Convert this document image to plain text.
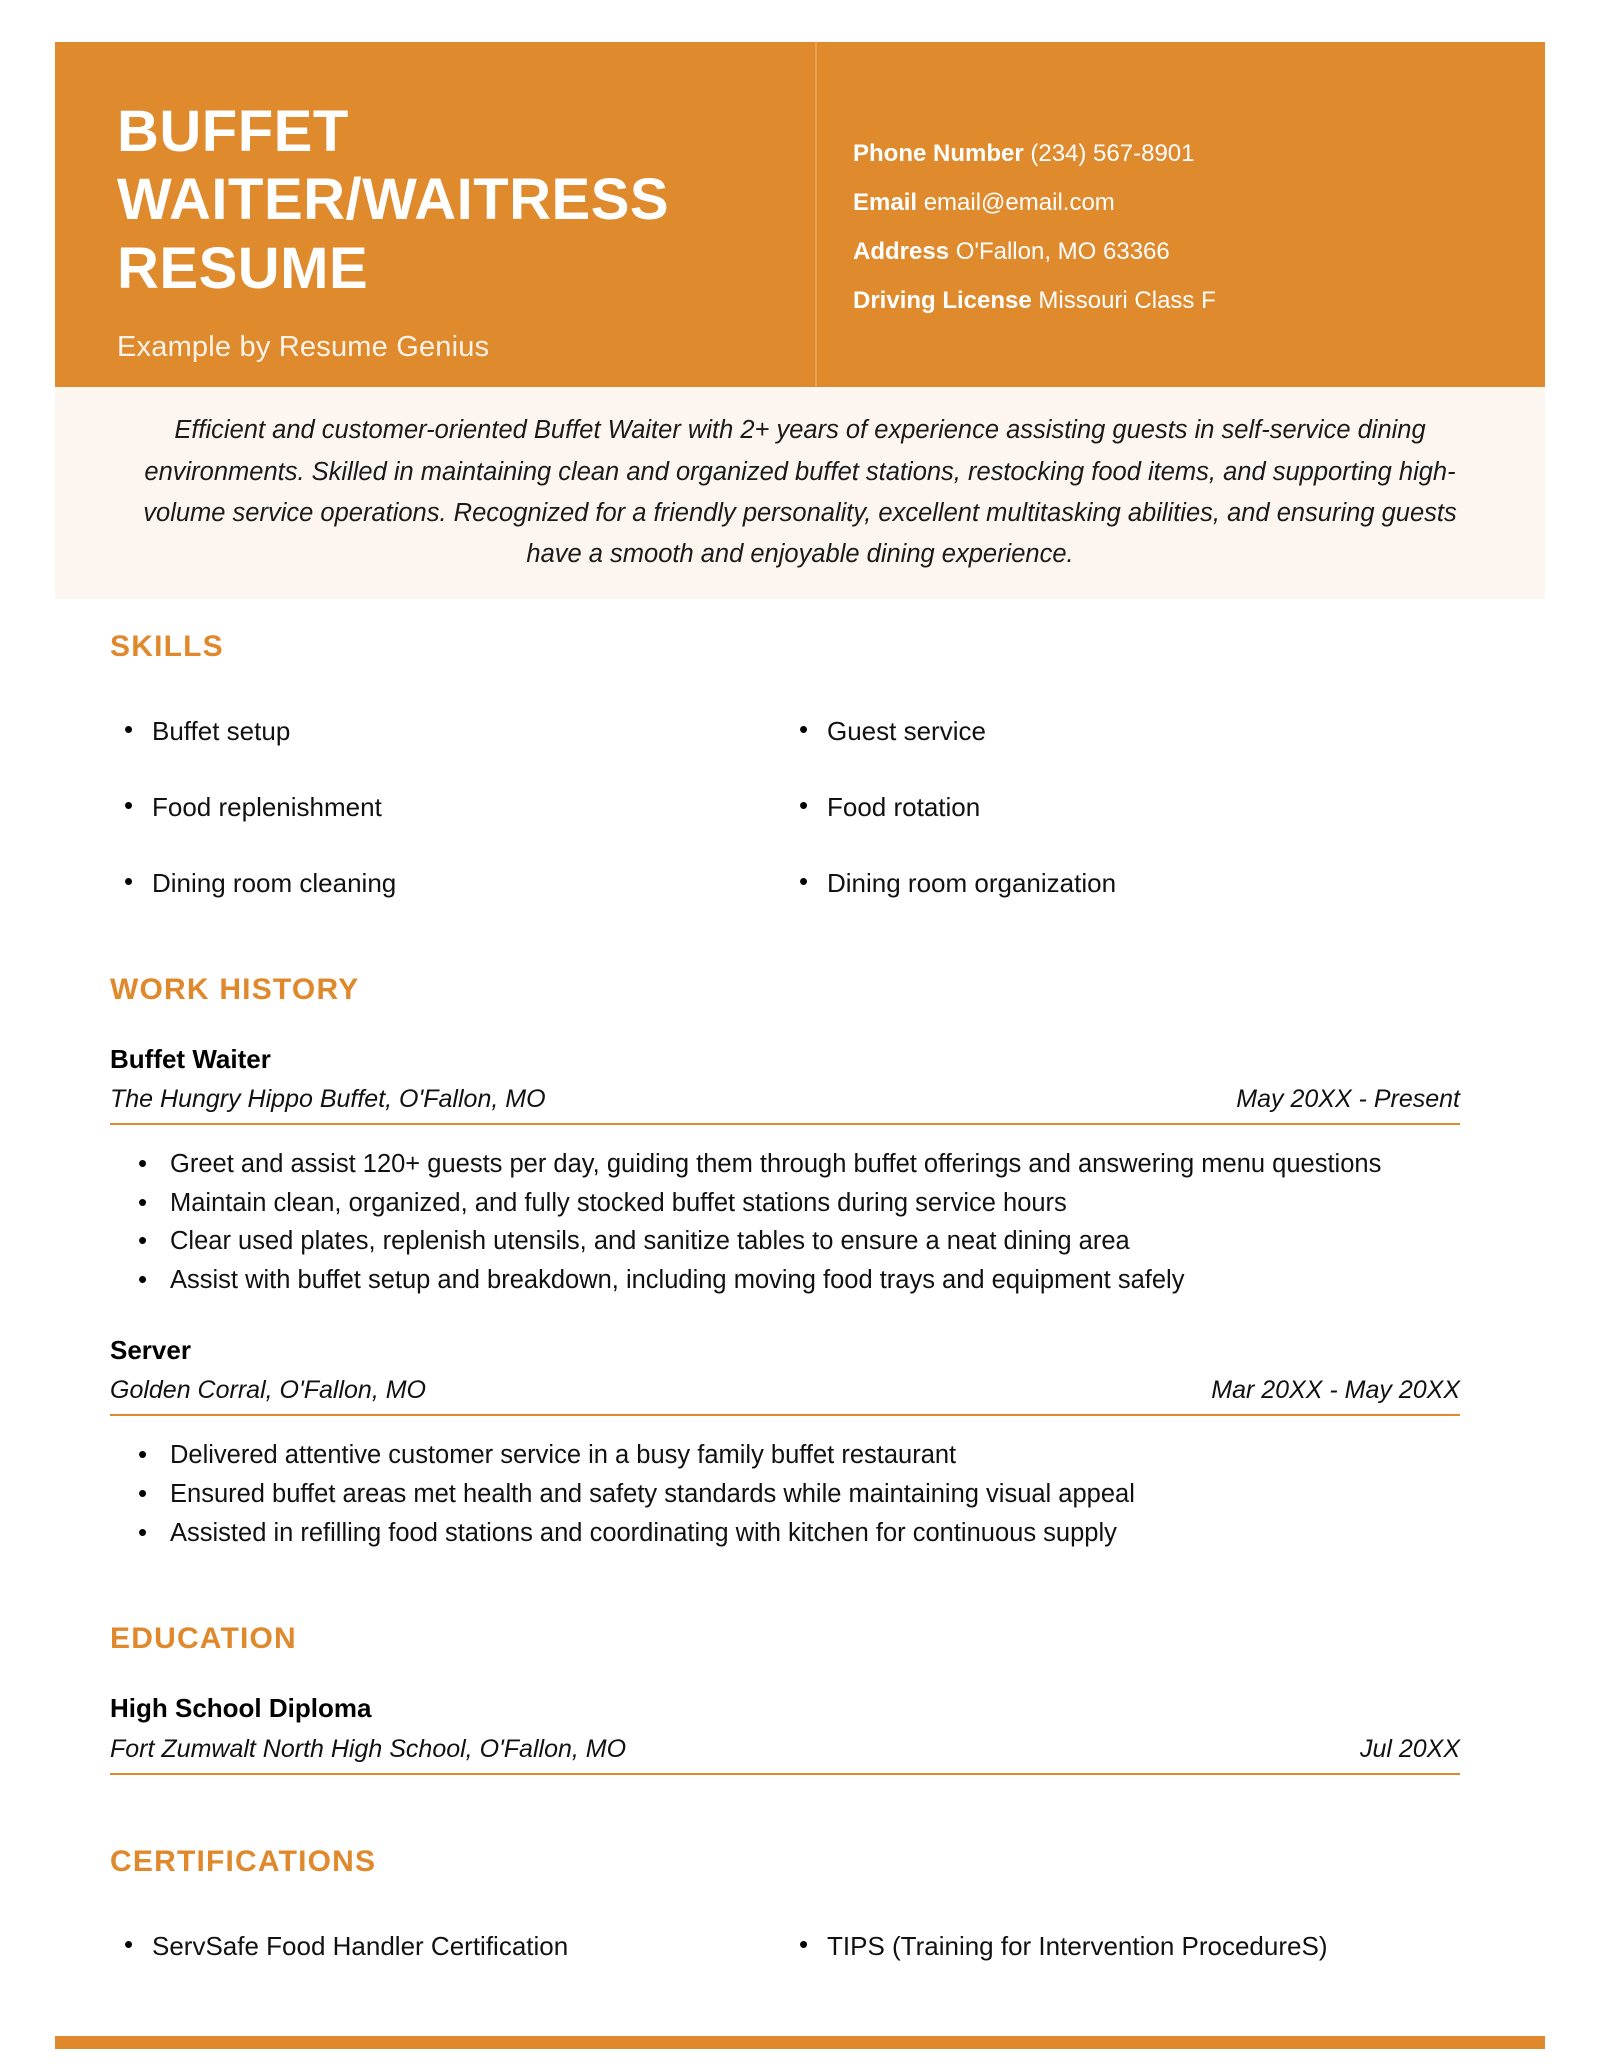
BUFFET WAITER/WAITRESS RESUME
Example by Resume Genius
Phone Number (234) 567-8901
Email email@email.com
Address O'Fallon, MO 63366
Driving License Missouri Class F
Efficient and customer-oriented Buffet Waiter with 2+ years of experience assisting guests in self-service dining environments. Skilled in maintaining clean and organized buffet stations, restocking food items, and supporting high-volume service operations. Recognized for a friendly personality, excellent multitasking abilities, and ensuring guests have a smooth and enjoyable dining experience.
SKILLS
• Buffet setup
• Food replenishment
• Dining room cleaning
• Guest service
• Food rotation
• Dining room organization
WORK HISTORY
Buffet Waiter
The Hungry Hippo Buffet, O'Fallon, MO	May 20XX - Present
• Greet and assist 120+ guests per day, guiding them through buffet offerings and answering menu questions
• Maintain clean, organized, and fully stocked buffet stations during service hours
• Clear used plates, replenish utensils, and sanitize tables to ensure a neat dining area
• Assist with buffet setup and breakdown, including moving food trays and equipment safely
Server
Golden Corral, O'Fallon, MO	Mar 20XX - May 20XX
• Delivered attentive customer service in a busy family buffet restaurant
• Ensured buffet areas met health and safety standards while maintaining visual appeal
• Assisted in refilling food stations and coordinating with kitchen for continuous supply
EDUCATION
High School Diploma
Fort Zumwalt North High School, O'Fallon, MO	Jul 20XX
CERTIFICATIONS
• ServSafe Food Handler Certification	• TIPS (Training for Intervention ProcedureS)
